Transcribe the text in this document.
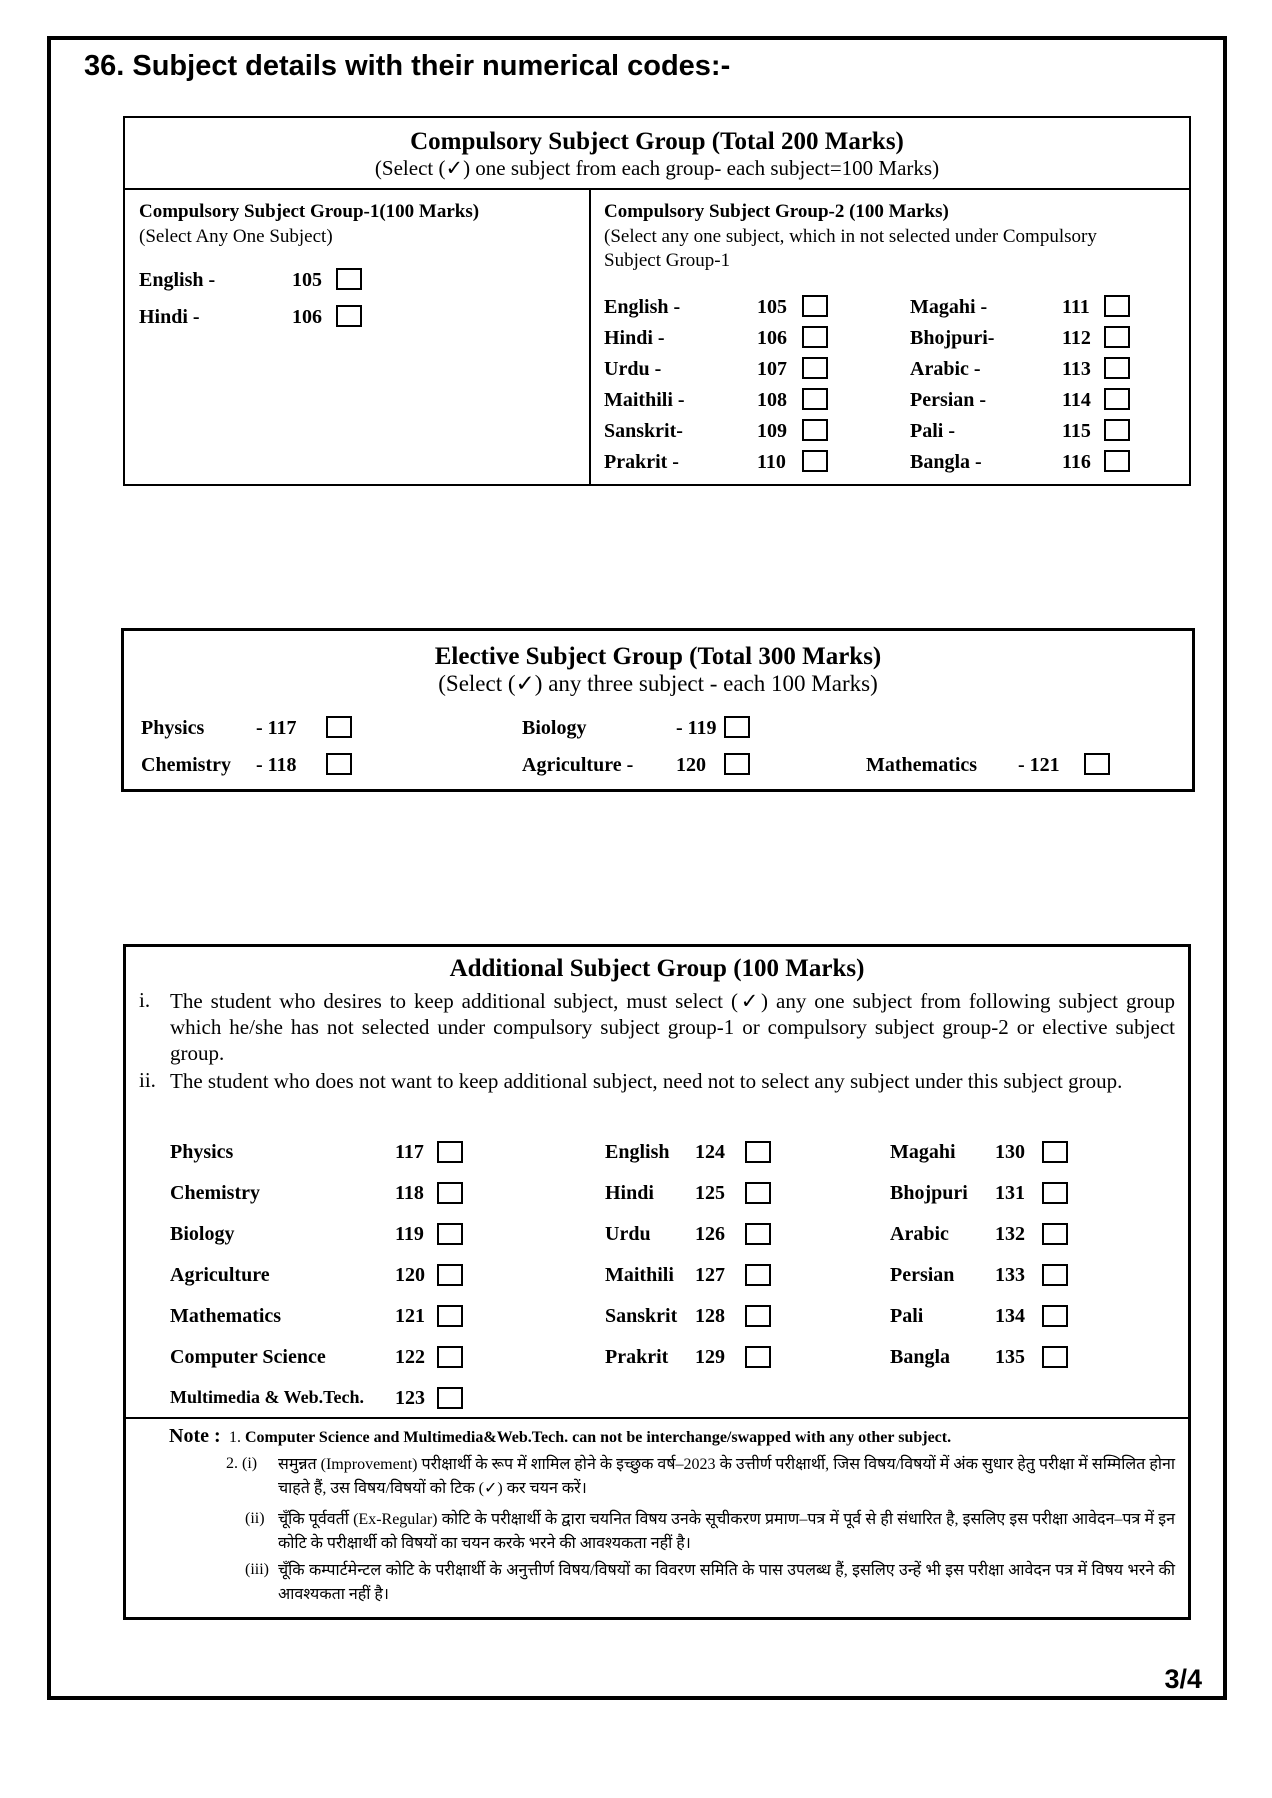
36. Subject details with their numerical codes:-
Compulsory Subject Group (Total 200 Marks)
(Select (✓) one subject from each group- each subject=100 Marks)
Compulsory Subject Group-1(100 Marks)
(Select Any One Subject)
English -	105
Hindi -	106
Compulsory Subject Group-2 (100 Marks)
(Select any one subject, which in not selected under Compulsory
Subject Group-1
English -	105
Hindi -	106
Urdu -	107
Maithili -	108
Sanskrit-	109
Prakrit -	110
Magahi -	111
Bhojpuri-	112
Arabic -	113
Persian -	114
Pali -	115
Bangla -	116
Elective Subject Group (Total 300 Marks)
(Select (✓) any three subject - each 100 Marks)
Physics	- 117
Chemistry - 118
Biology	- 119
Agriculture - 120	Mathematics - 121
Additional Subject Group (100 Marks)
i. The student who desires to keep additional subject, must select (✓) any one subject from following subject group which he/she has not selected under compulsory subject group-1 or compulsory subject group-2 or elective subject group.
ii. The student who does not want to keep additional subject, need not to select any subject under this subject group.
Physics	117
Chemistry	118
Biology	119
Agriculture	120
Mathematics	121
Computer Science	122
Multimedia & Web.Tech. 123
English 124
Hindi 125
Urdu 126
Maithili 127
Sanskrit 128
Prakrit 129
Magahi 130
Bhojpuri 131
Arabic 132
Persian 133
Pali	134
Bangla 135
Note : 1. Computer Science and Multimedia&Web.Tech. can not be interchange/swapped with any other subject.
2. (i) समुन्नत (Improvement) परीक्षार्थी के रूप में शामिल होने के इच्छुक वर्ष–2023 के उत्तीर्ण परीक्षार्थी, जिस विषय/विषयों में अंक सुधार हेतु परीक्षा में सम्मिलित होना चाहते हैं, उस विषय/विषयों को टिक (✓) कर चयन करें।
(ii) चूँकि पूर्ववर्ती (Ex-Regular) कोटि के परीक्षार्थी के द्वारा चयनित विषय उनके सूचीकरण प्रमाण–पत्र में पूर्व से ही संधारित है, इसलिए इस परीक्षा आवेदन–पत्र में इन कोटि के परीक्षार्थी को विषयों का चयन करके भरने की आवश्यकता नहीं है।
(iii) चूँकि कम्पार्टमेन्टल कोटि के परीक्षार्थी के अनुत्तीर्ण विषय/विषयों का विवरण समिति के पास उपलब्ध हैं, इसलिए उन्हें भी इस परीक्षा आवेदन पत्र में विषय भरने की आवश्यकता नहीं है।
3/4
